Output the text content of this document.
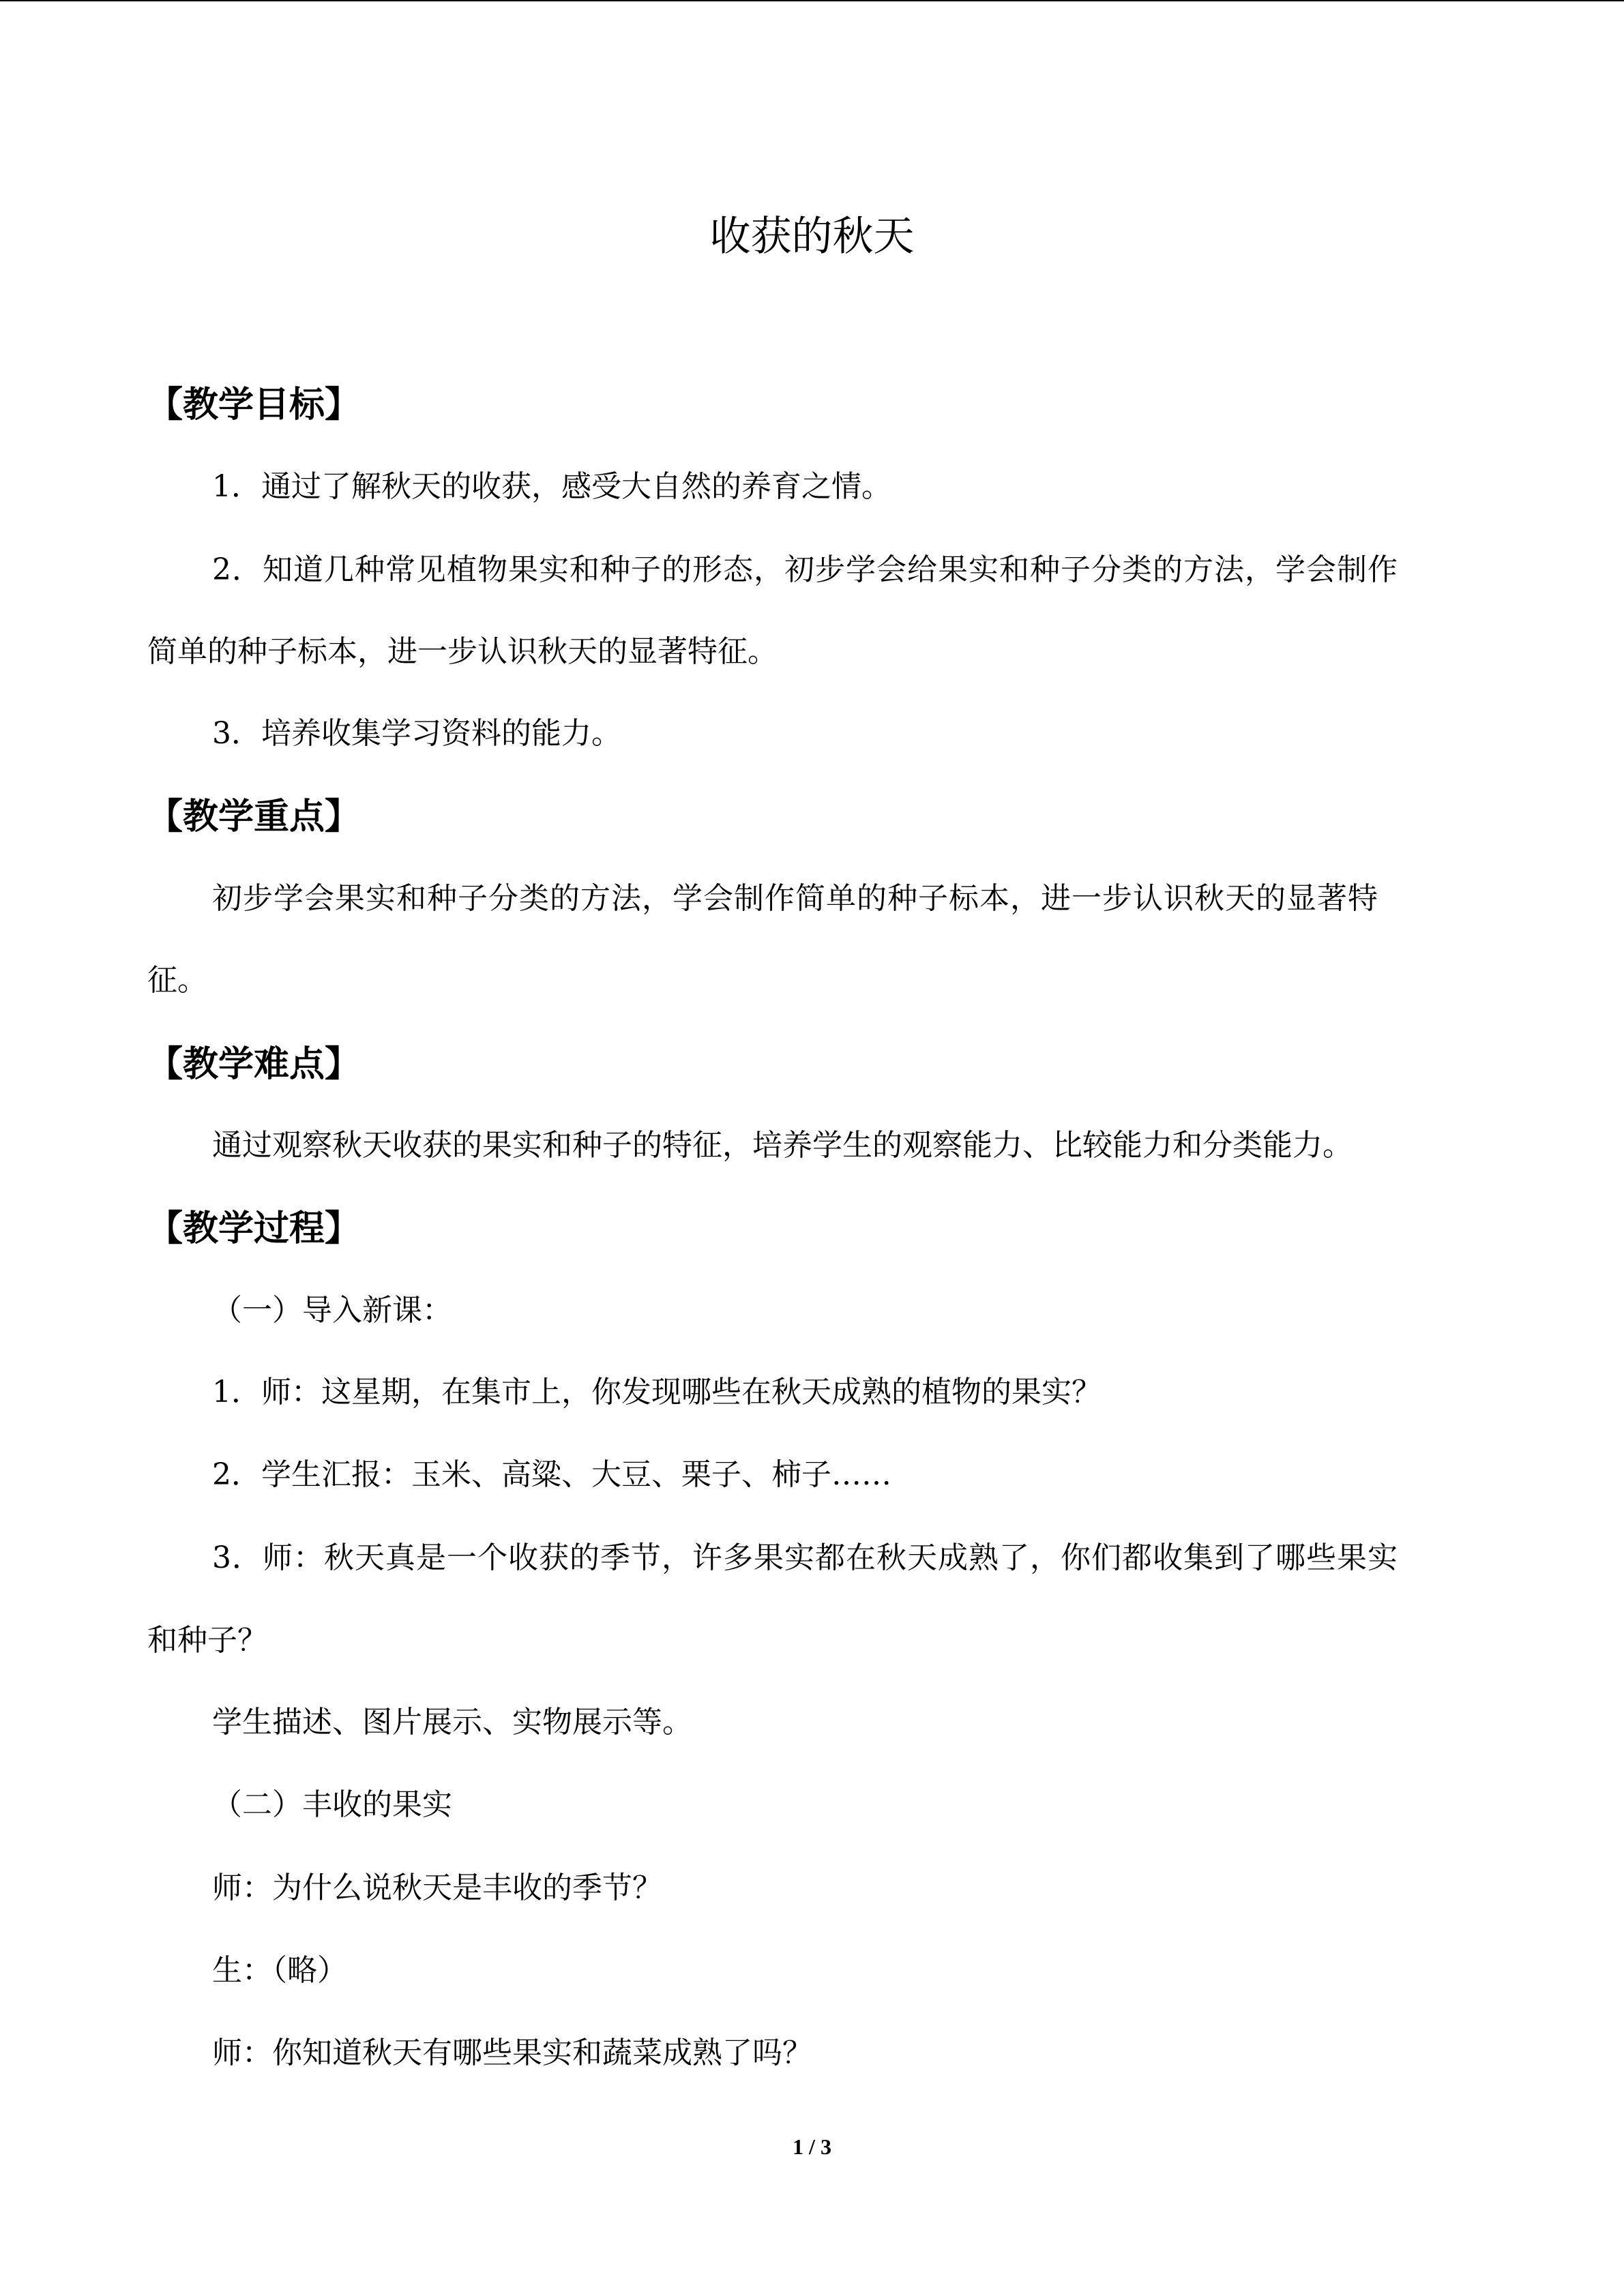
收获的秋天
【教学目标】
1．通过了解秋天的收获，感受大自然的养育之情。
2．知道几种常见植物果实和种子的形态，初步学会给果实和种子分类的方法，学会制作
简单的种子标本，进一步认识秋天的显著特征。
3．培养收集学习资料的能力。
【教学重点】
初步学会果实和种子分类的方法，学会制作简单的种子标本，进一步认识秋天的显著特
征。
【教学难点】
通过观察秋天收获的果实和种子的特征，培养学生的观察能力、比较能力和分类能力。
【教学过程】
（一）导入新课：
1．师：这星期，在集市上，你发现哪些在秋天成熟的植物的果实？
2．学生汇报：玉米、高粱、大豆、栗子、柿子……
3．师：秋天真是一个收获的季节，许多果实都在秋天成熟了，你们都收集到了哪些果实
和种子？
学生描述、图片展示、实物展示等。
（二）丰收的果实
师：为什么说秋天是丰收的季节？
生：（略）
师：你知道秋天有哪些果实和蔬菜成熟了吗？
1 / 3
